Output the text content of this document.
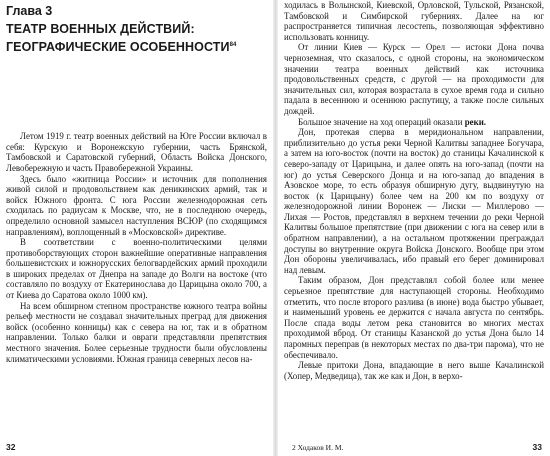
Глава 3
ТЕАТР ВОЕННЫХ ДЕЙСТВИЙ:
ГЕОГРАФИЧЕСКИЕ ОСОБЕННОСТИ$^{84}$

Летом 1919 г. театр военных действий на Юге России включал в себя: Курскую и Воронежскую губернии, часть Брянской, Тамбовской и Саратовской губерний, Область Войска Донского, Левобережную и часть Правобережной Украины.

Здесь было «житница России» и источник для пополнения живой силой и продовольствием как деникинских армий, так и войск Южного фронта. С юга России железнодорожная сеть сходилась по радиусам к Москве, что, не в последнюю очередь, определило основной замысел наступления ВСЮР (по сходящимся направлениям), воплощенный в «Московской» директиве.

В соответствии с военно-политическими целями противоборствующих сторон важнейшие оперативные направления большевистских и южнорусских белогвардейских армий проходили в широких пределах от Днепра на западе до Волги на востоке (что составляло по воздуху от Екатеринослава до Царицына около 700, а от Киева до Саратова около 1000 км).

На всем обширном степном пространстве южного театра войны рельеф местности не создавал значительных преград для движения войск (особенно конницы) как с севера на юг, так и в обратном направлении. Только балки и овраги представляли препятствия местного значения. Более серьезные трудности были обусловлены климатическими условиями. Южная граница северных лесов на-

32

ходилась в Волынской, Киевской, Орловской, Тульской, Рязанской, Тамбовской и Симбирской губерниях. Далее на юг распространяется типичная лесостепь, позволяющая эффективно использовать конницу.

От линии Киев — Курск — Орел — истоки Дона почва черноземная, что сказалось, с одной стороны, на экономическом значении театра военных действий как источника продовольственных средств, с другой — на проходимости для значительных сил, которая возрастала в сухое время года и сильно падала в весеннюю и осеннюю распутицу, а также после сильных дождей.

Большое значение на ход операций оказали реки.

Дон, протекая сперва в меридиональном направлении, приблизительно до устья реки Черной Калитвы западнее Богучара, а затем на юго-восток (почти на восток) до станицы Качалинской к северо-западу от Царицына, и далее опять на юго-запад (почти на юг) до устья Северского Донца и на юго-запад до впадения в Азовское море, то есть образуя обширную дугу, выдвинутую на восток (к Царицыну) более чем на 200 км по воздуху от железнодорожной линии Воронеж — Лиски — Миллерово — Лихая — Ростов, представлял в верхнем течении до реки Черной Калитвы большое препятствие (при движении с юга на север или в обратном направлении), а на остальном протяжении преграждал доступы во внутренние округа Войска Донского. Вообще при этом Дон обороны увеличивалась, ибо правый его берег доминировал над левым.

Таким образом, Дон представлял собой более или менее серьезное препятствие для наступающей стороны. Необходимо отметить, что после второго разлива (в июне) вода быстро убывает, и наименьший уровень ее держится с начала августа по сентябрь. После спада воды летом река становится во многих местах проходимой вброд. От станицы Казанской до устья Дона было 14 паромных переправ (в некоторых местах по два-три парома), что не обеспечивало.

Левые притоки Дона, впадающие в него выше Качалинской (Хопер, Медведица), так же как и Дон, в верхо-

2 Ходаков И. М.	33
